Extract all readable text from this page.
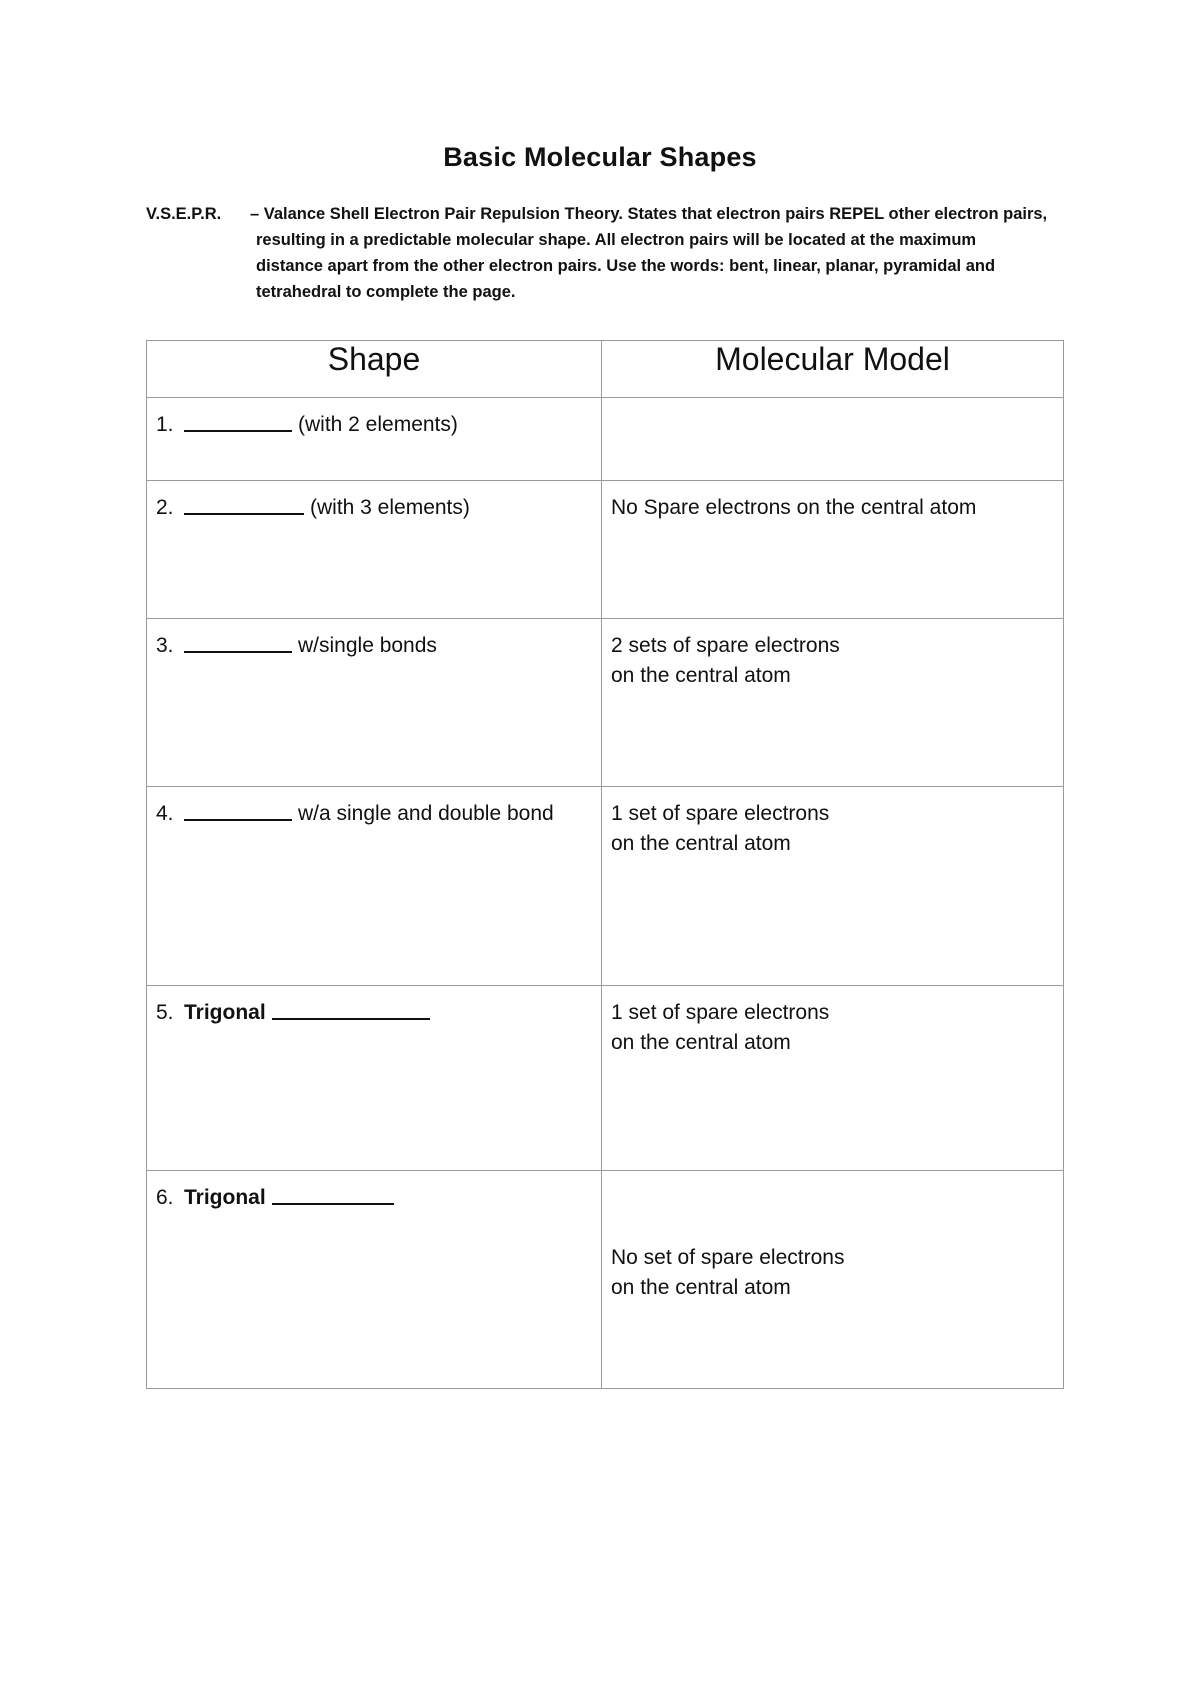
Basic Molecular Shapes
V.S.E.P.R.	– Valance Shell Electron Pair Repulsion Theory. States that electron pairs REPEL other electron pairs,
resulting in a predictable molecular shape. All electron pairs will be located at the maximum
distance apart from the other electron pairs. Use the words: bent, linear, planar, pyramidal and
tetrahedral to complete the page.
Shape	Molecular Model

1. (with 2 elements)	

2. (with 3 elements)	No Spare electrons on the central atom

3. w/single bonds	2 sets of spare electrons
on the central atom

4. w/a single and double bond	1 set of spare electrons
on the central atom

5. Trigonal	1 set of spare electrons
on the central atom

6. Trigonal	No set of spare electrons
on the central atom
